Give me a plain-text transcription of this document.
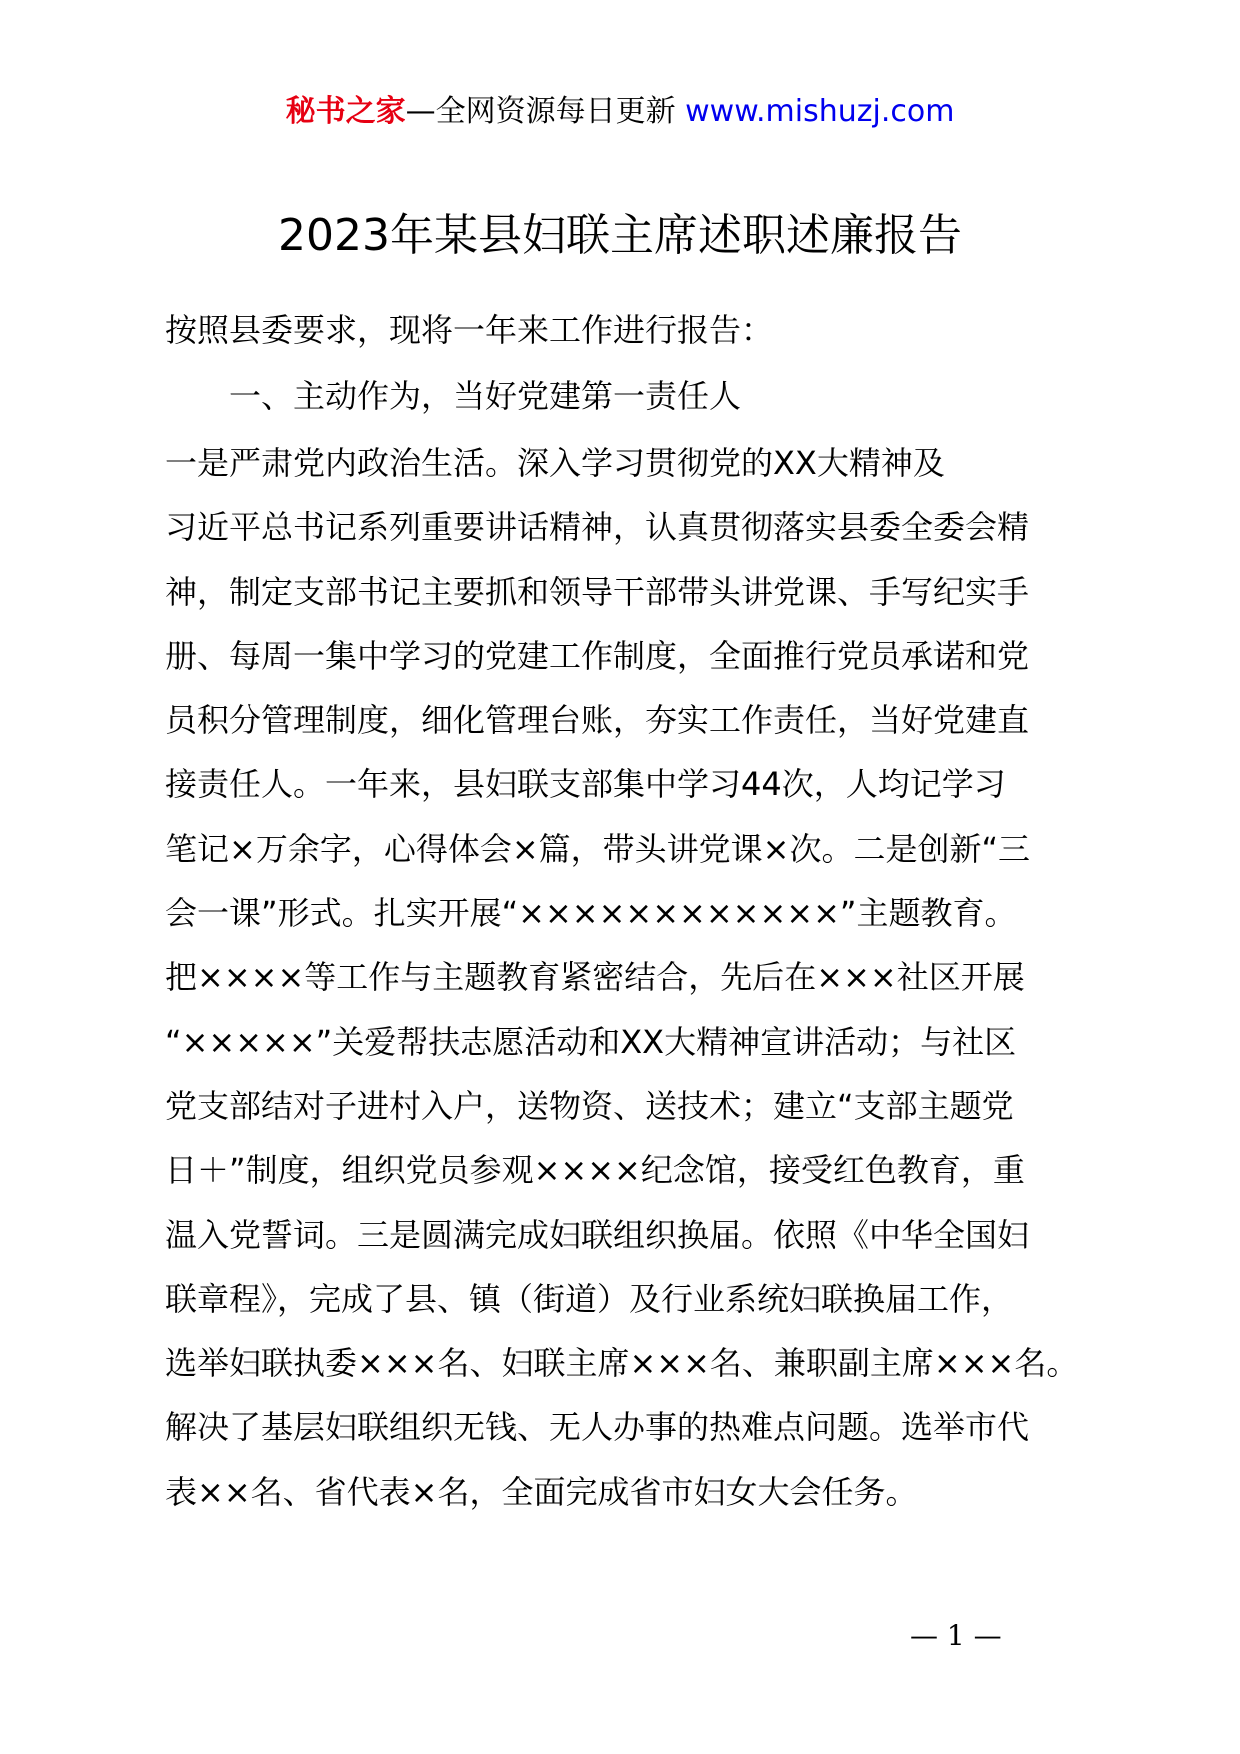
秘书之家—全网资源每日更新 www.mishuzj.com
2023年某县妇联主席述职述廉报告
按照县委要求，现将一年来工作进行报告：
一、主动作为，当好党建第一责任人
一是严肃党内政治生活。深入学习贯彻党的XX大精神及
习近平总书记系列重要讲话精神，认真贯彻落实县委全委会精
神，制定支部书记主要抓和领导干部带头讲党课、手写纪实手
册、每周一集中学习的党建工作制度，全面推行党员承诺和党
员积分管理制度，细化管理台账，夯实工作责任，当好党建直
接责任人。一年来，县妇联支部集中学习44次，人均记学习
笔记×万余字，心得体会×篇，带头讲党课×次。二是创新“三
会一课”形式。扎实开展“××××××××××××”主题教育。
把××××等工作与主题教育紧密结合，先后在×××社区开展
“×××××”关爱帮扶志愿活动和XX大精神宣讲活动；与社区
党支部结对子进村入户，送物资、送技术；建立“支部主题党
日＋”制度，组织党员参观××××纪念馆，接受红色教育，重
温入党誓词。三是圆满完成妇联组织换届。依照《中华全国妇
联章程》，完成了县、镇（街道）及行业系统妇联换届工作，
选举妇联执委×××名、妇联主席×××名、兼职副主席×××名。
解决了基层妇联组织无钱、无人办事的热难点问题。选举市代
表××名、省代表×名，全面完成省市妇女大会任务。
— 1 —
